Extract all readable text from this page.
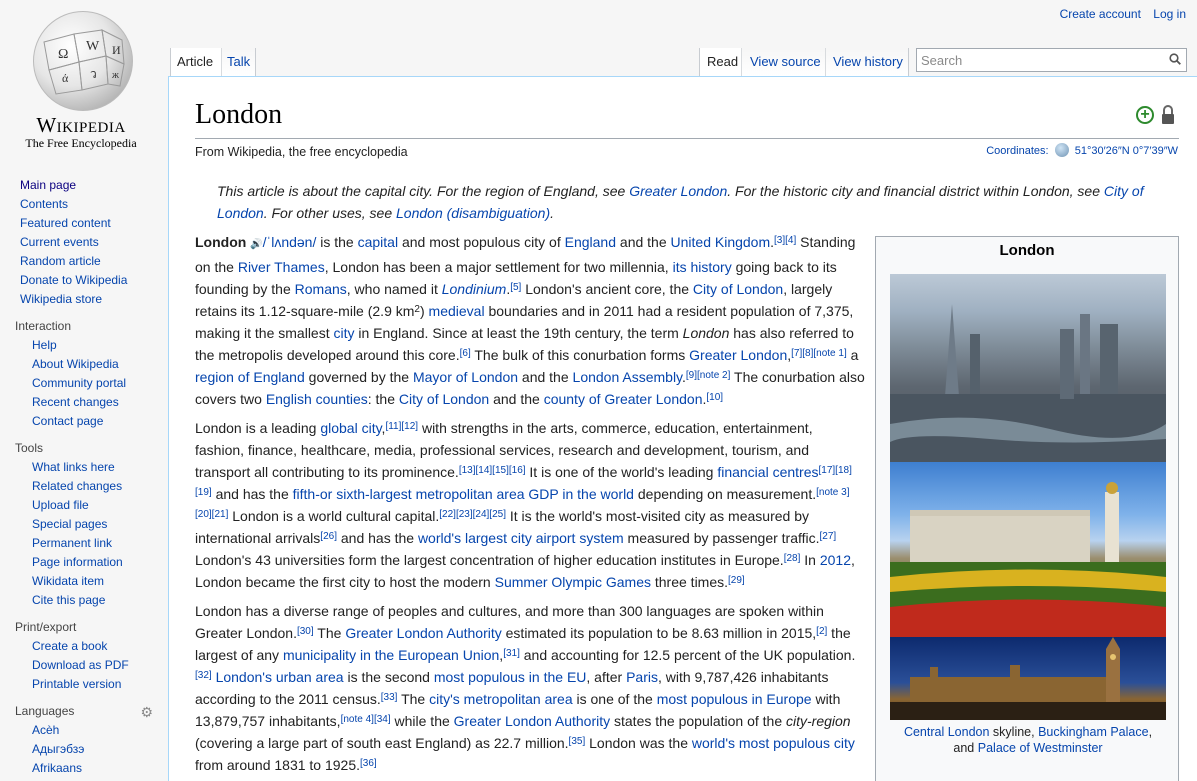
Create account Log in
Ω
W И
ά ว ж
Wikipedia
The Free Encyclopedia
Main page
Contents
Featured content
Current events
Random article
Donate to Wikipedia
Wikipedia store
Interaction
Help
About Wikipedia
Community portal
Recent changes
Contact page
Tools
What links here
Related changes
Upload file
Special pages
Permanent link
Page information
Wikidata item
Cite this page
Print/export
Create a book
Download as PDF
Printable version
Languages	⚙
Acèh
Адыгэбзэ
Afrikaans
London	+
From Wikipedia, the free encyclopedia	Coordinates: 51°30′26″N 0°7′39″W
This article is about the capital city. For the region of England, see Greater London. For the historic city and financial district within London, see City of London. For other uses, see London (disambiguation).

London 🔊/ˈlʌndən/ is the capital and most populous city of England and the United Kingdom.[3][4] Standing on the River Thames, London has been a major settlement for two millennia, its history going back to its founding by the Romans, who named it Londinium.[5] London's ancient core, the City of London, largely retains its 1.12-square-mile (2.9 $km^2$) medieval boundaries and in 2011 had a resident population of 7,375, making it the smallest city in England. Since at least the 19th century, the term London has also referred to the metropolis developed around this core.[6] The bulk of this conurbation forms Greater London,[7][8][note 1] a region of England governed by the Mayor of London and the London Assembly.[9][note 2] The conurbation also covers two English counties: the City of London and the county of Greater London.[10]

London is a leading global city,[11][12] with strengths in the arts, commerce, education, entertainment, fashion, finance, healthcare, media, professional services, research and development, tourism, and transport all contributing to its prominence.[13][14][15][16] It is one of the world's leading financial centres[17][18][19] and has the fifth-or sixth-largest metropolitan area GDP in the world depending on measurement.[note 3][20][21] London is a world cultural capital.[22][23][24][25] It is the world's most-visited city as measured by international arrivals[26] and has the world's largest city airport system measured by passenger traffic.[27] London's 43 universities form the largest concentration of higher education institutes in Europe.[28] In 2012, London became the first city to host the modern Summer Olympic Games three times.[29]

London has a diverse range of peoples and cultures, and more than 300 languages are spoken within Greater London.[30] The Greater London Authority estimated its population to be 8.63 million in 2015,[2] the largest of any municipality in the European Union,[31] and accounting for 12.5 percent of the UK population.[32] London's urban area is the second most populous in the EU, after Paris, with 9,787,426 inhabitants according to the 2011 census.[33] The city's metropolitan area is one of the most populous in Europe with 13,879,757 inhabitants,[note 4][34] while the Greater London Authority states the population of the city-region (covering a large part of south east England) as 22.7 million.[35] London was the world's most populous city from around 1831 to 1925.[36]

London
Central London skyline, Buckingham Palace,
and Palace of Westminster
Article	Talk	Read View source View history
Search
